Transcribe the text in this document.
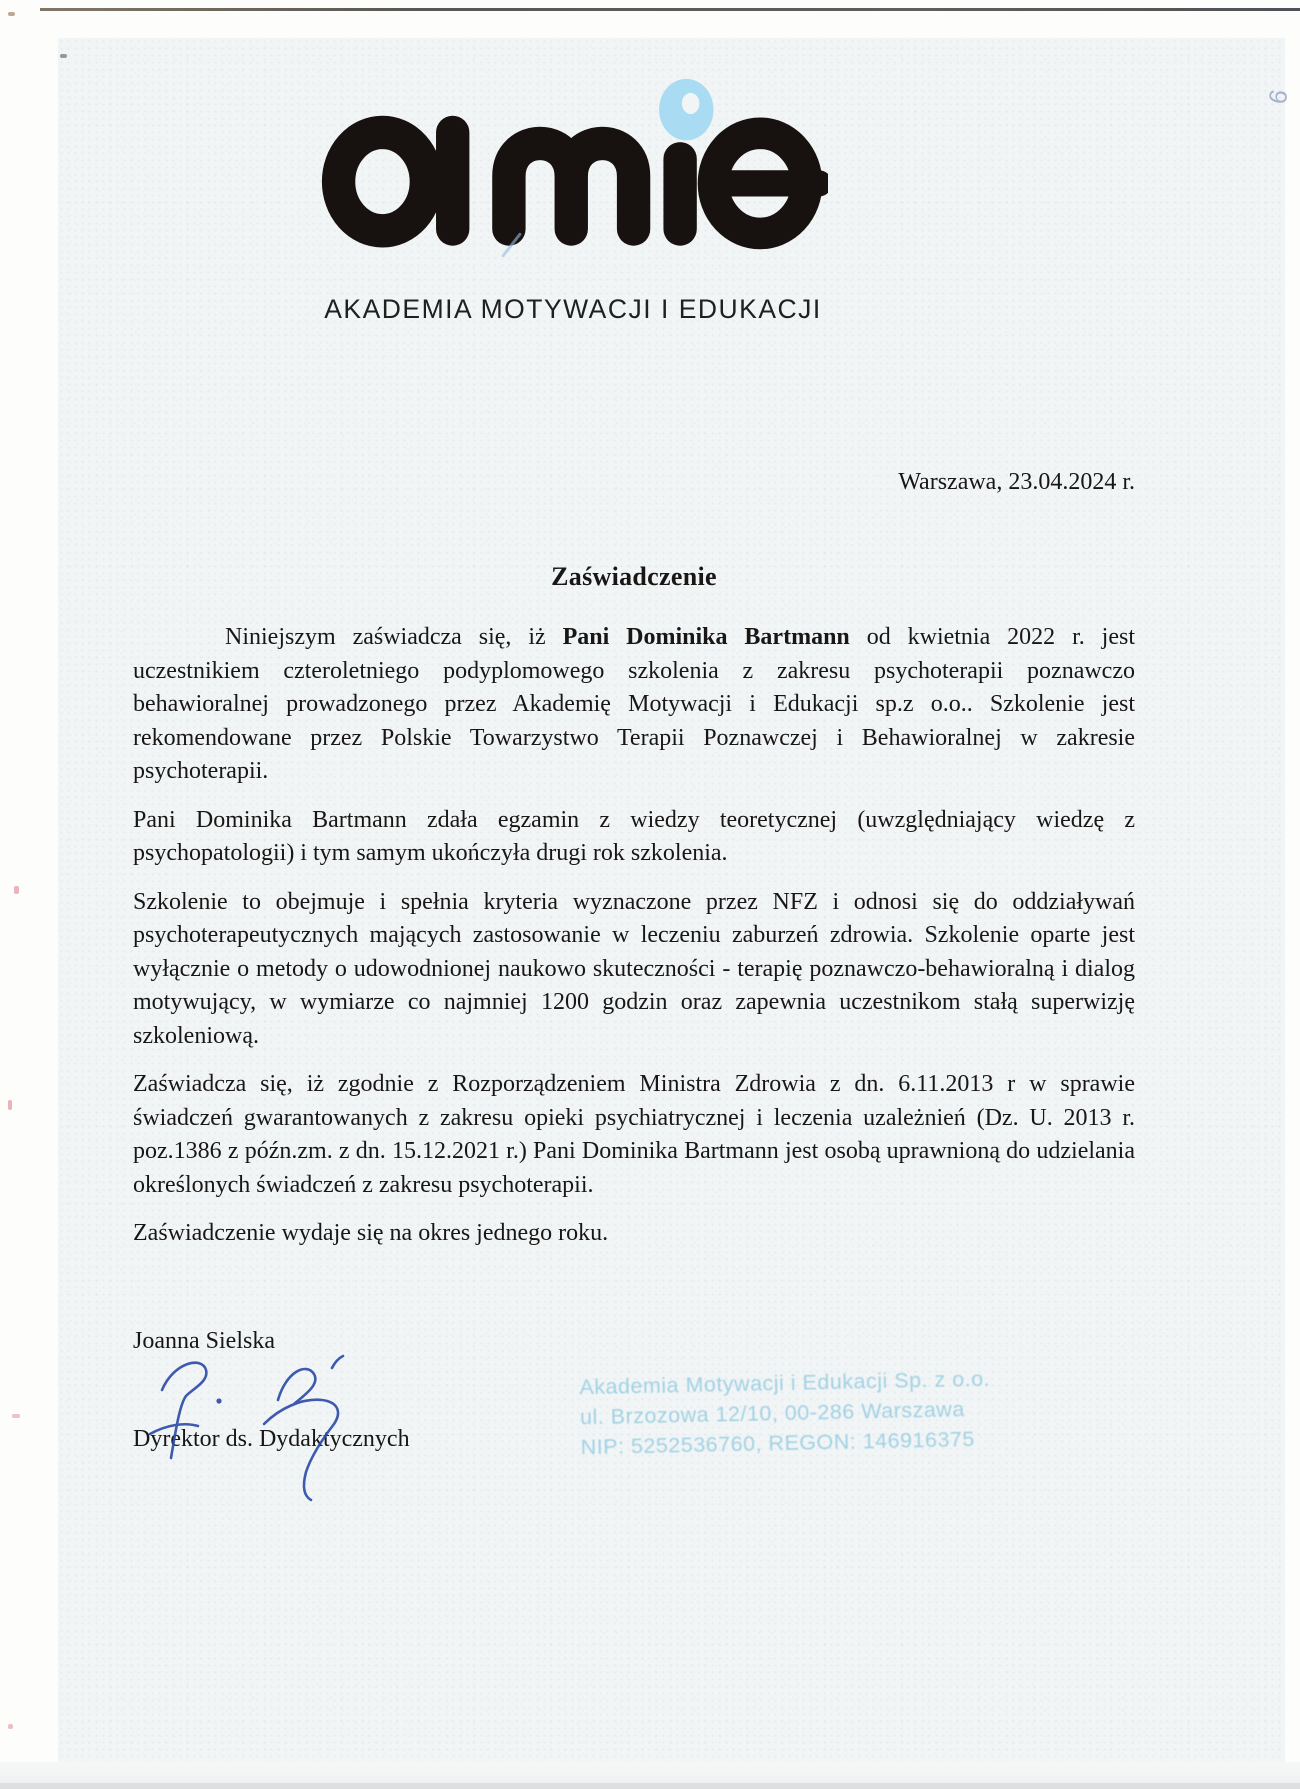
AKADEMIA MOTYWACJI I EDUKACJI
Warszawa, 23.04.2024 r.
Zaświadczenie

Niniejszym zaświadcza się, iż Pani Dominika Bartmann od kwietnia 2022 r. jest uczestnikiem czteroletniego podyplomowego szkolenia z zakresu psychoterapii poznawczo behawioralnej prowadzonego przez Akademię Motywacji i Edukacji sp.z o.o.. Szkolenie jest rekomendowane przez Polskie Towarzystwo Terapii Poznawczej i Behawioralnej w zakresie psychoterapii.

Pani Dominika Bartmann zdała egzamin z wiedzy teoretycznej (uwzględniający wiedzę z psychopatologii) i tym samym ukończyła drugi rok szkolenia.

Szkolenie to obejmuje i spełnia kryteria wyznaczone przez NFZ i odnosi się do oddziaływań psychoterapeutycznych mających zastosowanie w leczeniu zaburzeń zdrowia. Szkolenie oparte jest wyłącznie o metody o udowodnionej naukowo skuteczności - terapię poznawczo-behawioralną i dialog motywujący, w wymiarze co najmniej 1200 godzin oraz zapewnia uczestnikom stałą superwizję szkoleniową.

Zaświadcza się, iż zgodnie z Rozporządzeniem Ministra Zdrowia z dn. 6.11.2013 r w sprawie świadczeń gwarantowanych z zakresu opieki psychiatrycznej i leczenia uzależnień (Dz. U. 2013 r. poz.1386 z późn.zm. z dn. 15.12.2021 r.) Pani Dominika Bartmann jest osobą uprawnioną do udzielania określonych świadczeń z zakresu psychoterapii.

Zaświadczenie wydaje się na okres jednego roku.

Joanna Sielska
Dyrektor ds. Dydaktycznych
Akademia Motywacji i Edukacji Sp. z o.o.
ul. Brzozowa 12/10, 00-286 Warszawa
NIP: 5252536760, REGON: 146916375
9
